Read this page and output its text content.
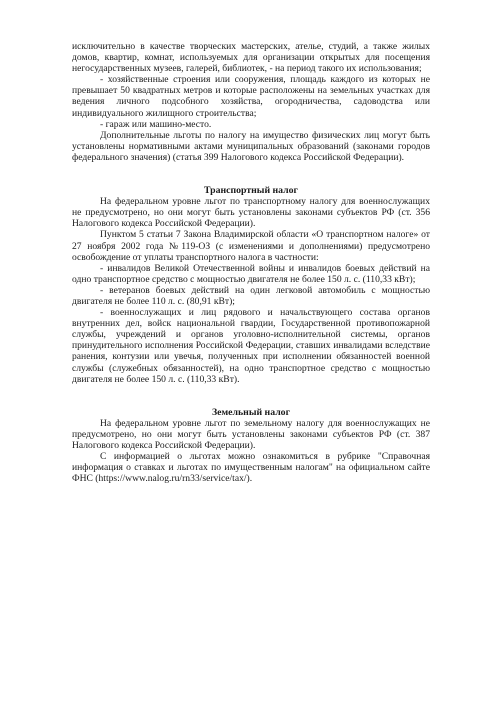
исключительно в качестве творческих мастерских, ателье, студий, а также жилых домов, квартир, комнат, используемых для организации открытых для посещения негосударственных музеев, галерей, библиотек, - на период такого их использования;

- хозяйственные строения или сооружения, площадь каждого из которых не превышает 50 квадратных метров и которые расположены на земельных участках для ведения личного подсобного хозяйства, огородничества, садоводства или индивидуального жилищного строительства;

- гараж или машино-место.

Дополнительные льготы по налогу на имущество физических лиц могут быть установлены нормативными актами муниципальных образований (законами городов федерального значения) (статья 399 Налогового кодекса Российской Федерации).

Транспортный налог

На федеральном уровне льгот по транспортному налогу для военнослужащих не предусмотрено, но они могут быть установлены законами субъектов РФ (ст. 356 Налогового кодекса Российской Федерации).

Пунктом 5 статьи 7 Закона Владимирской области «О транспортном налоге» от 27 ноября 2002 года №119-ОЗ (с изменениями и дополнениями) предусмотрено освобождение от уплаты транспортного налога в частности:

- инвалидов Великой Отечественной войны и инвалидов боевых действий на одно транспортное средство с мощностью двигателя не более 150 л. с. (110,33 кВт);

- ветеранов боевых действий на один легковой автомобиль с мощностью двигателя не более 110 л. с. (80,91 кВт);

- военнослужащих и лиц рядового и начальствующего состава органов внутренних дел, войск национальной гвардии, Государственной противопожарной службы, учреждений и органов уголовно-исполнительной системы, органов принудительного исполнения Российской Федерации, ставших инвалидами вследствие ранения, контузии или увечья, полученных при исполнении обязанностей военной службы (служебных обязанностей), на одно транспортное средство с мощностью двигателя не более 150 л. с. (110,33 кВт).

Земельный налог

На федеральном уровне льгот по земельному налогу для военнослужащих не предусмотрено, но они могут быть установлены законами субъектов РФ (ст. 387 Налогового кодекса Российской Федерации).

С информацией о льготах можно ознакомиться в рубрике "Справочная информация о ставках и льготах по имущественным налогам" на официальном сайте ФНС (https://www.nalog.ru/rn33/service/tax/).
